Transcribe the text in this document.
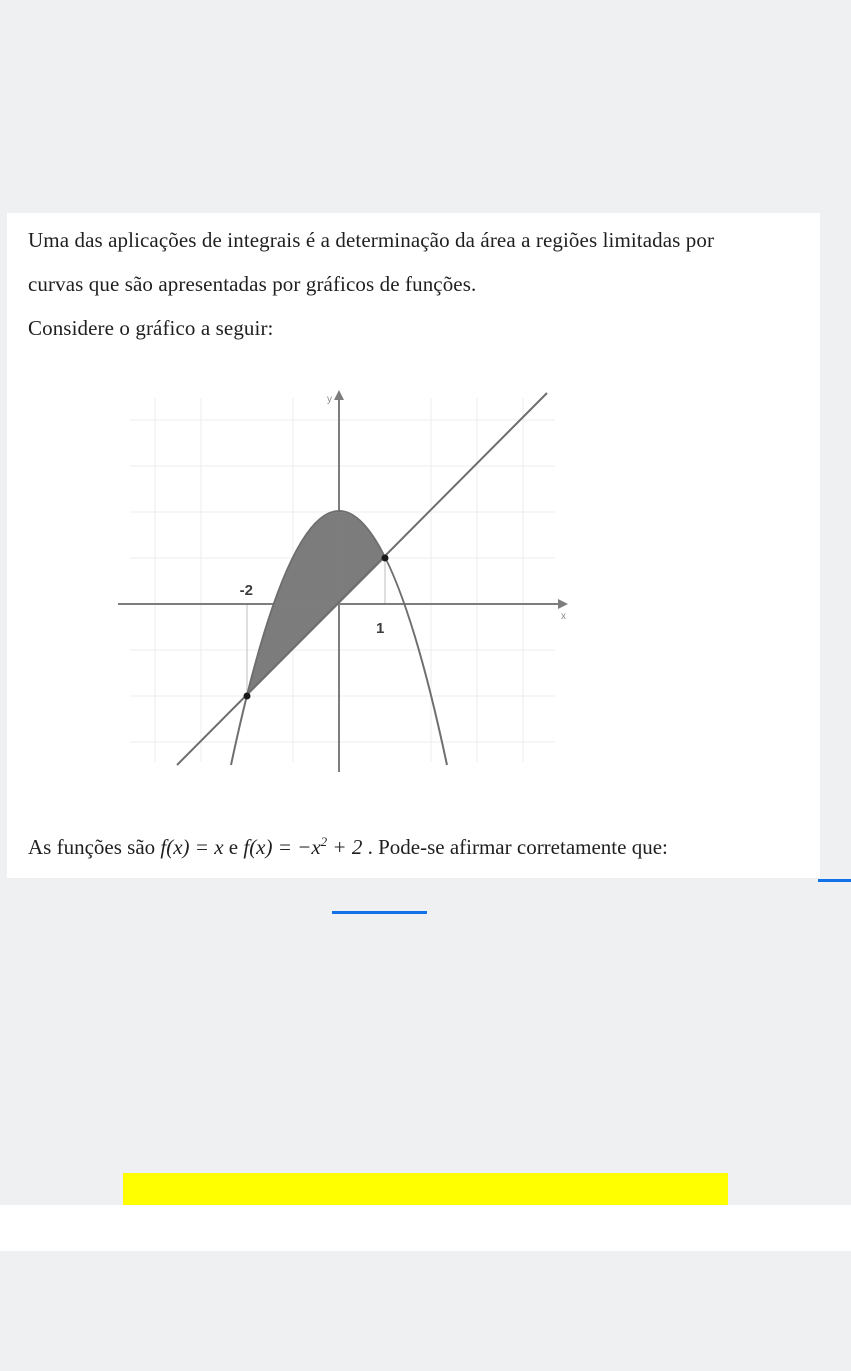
Uma das aplicações de integrais é a determinação da área a regiões limitadas por
curvas que são apresentadas por gráficos de funções.
Considere o gráfico a seguir:
-2
1
y
x
As funções são f(x) = x e $f(x) = -x^2 + 2$ . Pode-se afirmar corretamente que:
